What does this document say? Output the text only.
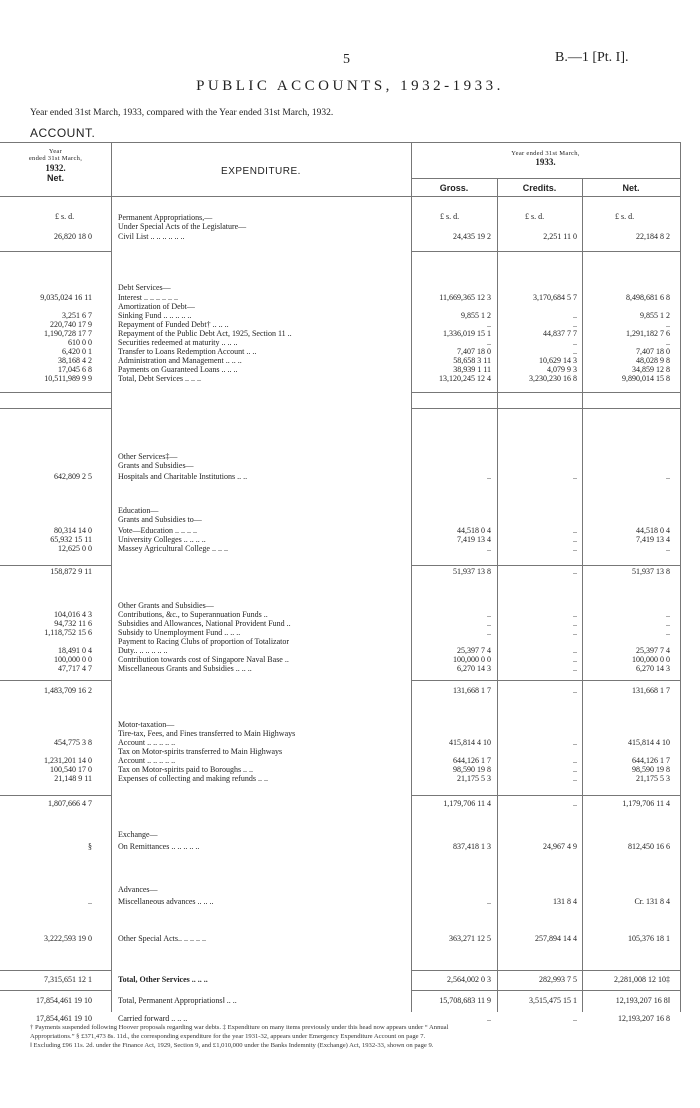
5	B.—1 [Pt. I].
PUBLIC ACCOUNTS, 1932-1933.
Year ended 31st March, 1933, compared with the Year ended 31st March, 1932.
ACCOUNT.
Year
ended 31st March,
1932.
Net.
EXPENDITURE.
Year ended 31st March,
1933.
Gross.	Credits.	Net.
£ s. d.	£ s. d.	£ s. d.	£ s. d.
Permanent Appropriations,—
Under Special Acts of the Legislature—
26,820 18 0	Civil List .. .. .. .. .. ..	24,435 19 2	2,251 11 0	22,184 8 2
Debt Services—
9,035,024 16 11	Interest .. .. .. .. .. ..	11,669,365 12 3	3,170,684 5 7	8,498,681 6 8
Amortization of Debt—
3,251 6 7	Sinking Fund .. .. .. .. ..	9,855 1 2	..	9,855 1 2
220,740 17 9	Repayment of Funded Debt† .. .. ..	..	..	..
1,190,728 17 7	Repayment of the Public Debt Act, 1925, Section 11 ..	1,336,019 15 1	44,837 7 7	1,291,182 7 6
610 0 0	Securities redeemed at maturity .. .. ..	..	..	..
6,420 0 1	Transfer to Loans Redemption Account .. ..	7,407 18 0	..	7,407 18 0
38,168 4 2	Administration and Management .. .. ..	58,658 3 11	10,629 14 3	48,028 9 8
17,045 6 8	Payments on Guaranteed Loans .. .. ..	38,939 1 11	4,079 9 3	34,859 12 8
10,511,989 9 9	Total, Debt Services .. .. ..	13,120,245 12 4	3,230,230 16 8	9,890,014 15 8
Other Services‡—
Grants and Subsidies—
642,809 2 5	Hospitals and Charitable Institutions .. ..	..	..	..
Education—
Grants and Subsidies to—
80,314 14 0	Vote—Education .. .. .. ..	44,518 0 4	..	44,518 0 4
65,932 15 11	University Colleges .. .. .. ..	7,419 13 4	..	7,419 13 4
12,625 0 0	Massey Agricultural College .. .. ..	..	..	..
158,872 9 11	51,937 13 8	..	51,937 13 8
Other Grants and Subsidies—
104,016 4 3	Contributions, &c., to Superannuation Funds ..	..	..	..
94,732 11 6	Subsidies and Allowances, National Provident Fund ..	..	..	..
1,118,752 15 6	Subsidy to Unemployment Fund .. .. ..	..	..	..
Payment to Racing Clubs of proportion of Totalizator
18,491 0 4	Duty.. .. .. .. .. ..	25,397 7 4	..	25,397 7 4
100,000 0 0	Contribution towards cost of Singapore Naval Base ..	100,000 0 0	..	100,000 0 0
47,717 4 7	Miscellaneous Grants and Subsidies .. .. ..	6,270 14 3	..	6,270 14 3
1,483,709 16 2	131,668 1 7	..	131,668 1 7
Motor-taxation—
Tire-tax, Fees, and Fines transferred to Main Highways
454,775 3 8	Account .. .. .. .. ..	415,814 4 10	..	415,814 4 10
Tax on Motor-spirits transferred to Main Highways
1,231,201 14 0	Account .. .. .. .. ..	644,126 1 7	..	644,126 1 7
100,540 17 0	Tax on Motor-spirits paid to Boroughs .. ..	98,590 19 8	..	98,590 19 8
21,148 9 11	Expenses of collecting and making refunds .. ..	21,175 5 3	..	21,175 5 3
1,807,666 4 7	1,179,706 11 4	..	1,179,706 11 4
Exchange—
§	On Remittances .. .. .. .. ..	837,418 1 3	24,967 4 9	812,450 16 6
Advances—
..	Miscellaneous advances .. .. ..	..	131 8 4	Cr. 131 8 4
3,222,593 19 0	Other Special Acts.. .. .. .. ..	363,271 12 5	257,894 14 4	105,376 18 1
7,315,651 12 1	Total, Other Services .. .. ..	2,564,002 0 3	282,993 7 5	2,281,008 12 10‡
17,854,461 19 10	Total, Permanent Appropriations‖ .. ..	15,708,683 11 9	3,515,475 15 1	12,193,207 16 8‖
17,854,461 19 10	Carried forward .. .. ..	..	..	12,193,207 16 8
† Payments suspended following Hoover proposals regarding war debts. ‡ Expenditure on many items previously under this head now appears under “ Annual
Appropriations.” § £371,473 8s. 11d., the corresponding expenditure for the year 1931-32, appears under Emergency Expenditure Account on page 7.
‖ Excluding £96 11s. 2d. under the Finance Act, 1929, Section 9, and £1,010,000 under the Banks Indemnity (Exchange) Act, 1932-33, shown on page 9.
